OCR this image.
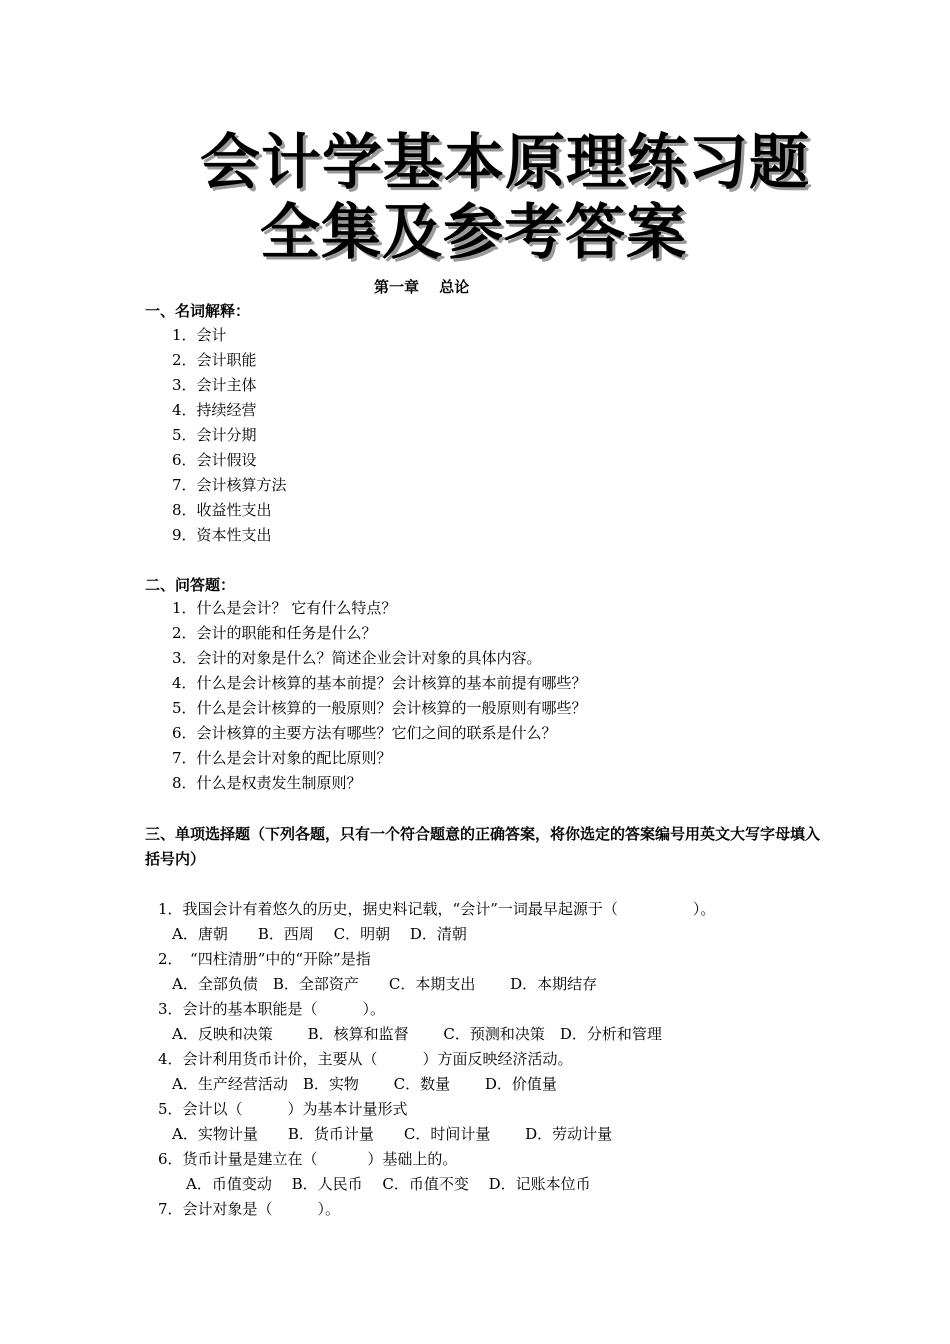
会计学基本原理练习题
全集及参考答案
第一章　 总论
一、名词解释：
1．会计
2．会计职能
3．会计主体
4．持续经营
5．会计分期
6．会计假设
7．会计核算方法
8．收益性支出
9．资本性支出
二、问答题：
1．什么是会计？ 它有什么特点？
2．会计的职能和任务是什么？
3．会计的对象是什么？简述企业会计对象的具体内容。
4．什么是会计核算的基本前提？会计核算的基本前提有哪些？
5．什么是会计核算的一般原则？会计核算的一般原则有哪些？
6．会计核算的主要方法有哪些？它们之间的联系是什么？
7．什么是会计对象的配比原则？
8．什么是权责发生制原则？
三、单项选择题（下列各题，只有一个符合题意的正确答案，将你选定的答案编号用英文大写字母填入括号内）
1．我国会计有着悠久的历史，据史料记载，“会计”一词最早起源于（　　　　　）。
A．唐朝　　B．西周　 C．明朝　 D．清朝
2．　“四柱清册”中的“开除”是指
A．全部负债　B．全部资产　　C．本期支出　　 D．本期结存
3．会计的基本职能是（　　　）。
A．反映和决策　　 B．核算和监督　　 C．预测和决策　D．分析和管理
4．会计利用货币计价，主要从（　　　）方面反映经济活动。
A．生产经营活动　B．实物　　 C．数量　　 D．价值量
5．会计以（　　　）为基本计量形式
A．实物计量　　B．货币计量　　C．时间计量　　 D．劳动计量
6．货币计量是建立在（　　　 ）基础上的。
A．币值变动　 B．人民币　 C．币值不变　 D．记账本位币
7．会计对象是（　　　）。
